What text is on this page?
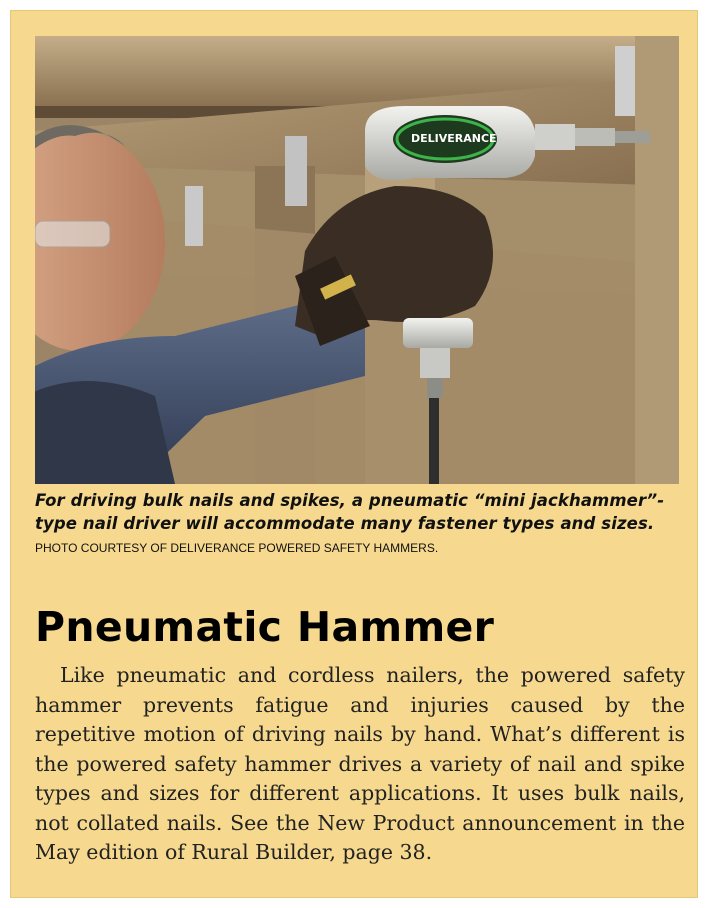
DELIVERANCE
For driving bulk nails and spikes, a pneumatic “mini jackhammer”-type nail driver will accommodate many fastener types and sizes. PHOTO COURTESY OF DELIVERANCE POWERED SAFETY HAMMERS.
Pneumatic Hammer

Like pneumatic and cordless nailers, the powered safety hammer prevents fatigue and injuries caused by the repetitive motion of driving nails by hand. What’s different is the powered safety hammer drives a variety of nail and spike types and sizes for different applications. It uses bulk nails, not collated nails. See the New Product announcement in the May edition of Rural Builder, page 38.
